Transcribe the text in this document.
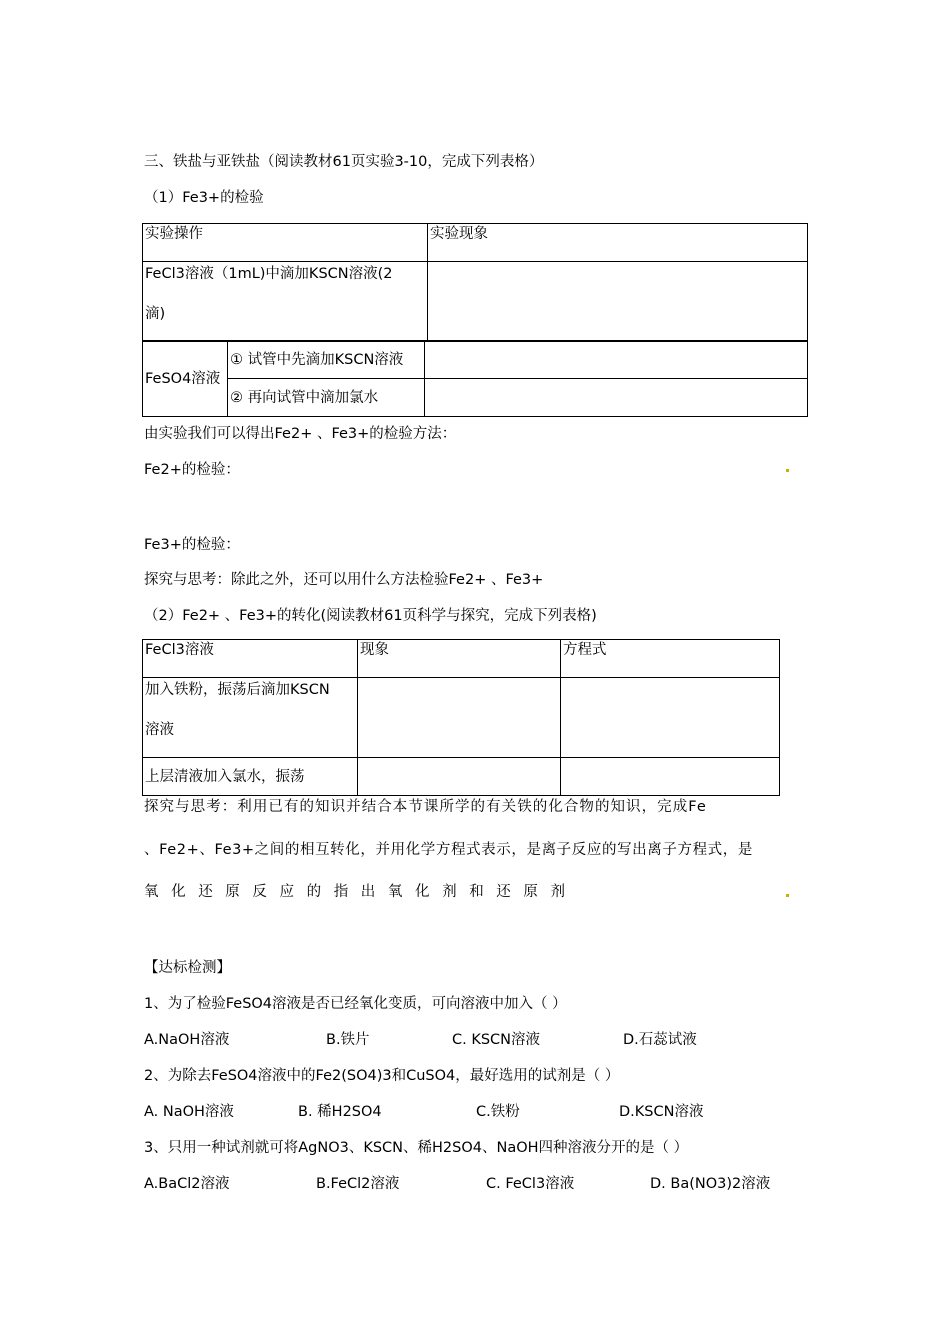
三、铁盐与亚铁盐（阅读教材61页实验3-10，完成下列表格）
（1）Fe3+的检验
实验操作	实验现象

FeCl3溶液（1mL)中滴加KSCN溶液(2
滴)	

FeSO4溶液	① 试管中先滴加KSCN溶液	
	② 再向试管中滴加氯水	
由实验我们可以得出Fe2+ 、Fe3+的检验方法：
Fe2+的检验：
Fe3+的检验：
探究与思考：除此之外，还可以用什么方法检验Fe2+ 、Fe3+
（2）Fe2+ 、Fe3+的转化(阅读教材61页科学与探究，完成下列表格)
FeCl3溶液	现象	方程式

加入铁粉，振荡后滴加KSCN
溶液		

上层清液加入氯水，振荡		
探究与思考：利用已有的知识并结合本节课所学的有关铁的化合物的知识，完成Fe
、Fe2+、Fe3+之间的相互转化，并用化学方程式表示，是离子反应的写出离子方程式，是
氧化还原反应的指出氧化剂和还原剂
【达标检测】
1、为了检验FeSO4溶液是否已经氧化变质，可向溶液中加入（ ）
A.NaOH溶液	B.铁片	C. KSCN溶液	D.石蕊试液
2、为除去FeSO4溶液中的Fe2(SO4)3和CuSO4，最好选用的试剂是（ ）
A. NaOH溶液	B. 稀H2SO4	C.铁粉	D.KSCN溶液
3、只用一种试剂就可将AgNO3、KSCN、稀H2SO4、NaOH四种溶液分开的是（ ）
A.BaCl2溶液	B.FeCl2溶液	C. FeCl3溶液	D. Ba(NO3)2溶液
